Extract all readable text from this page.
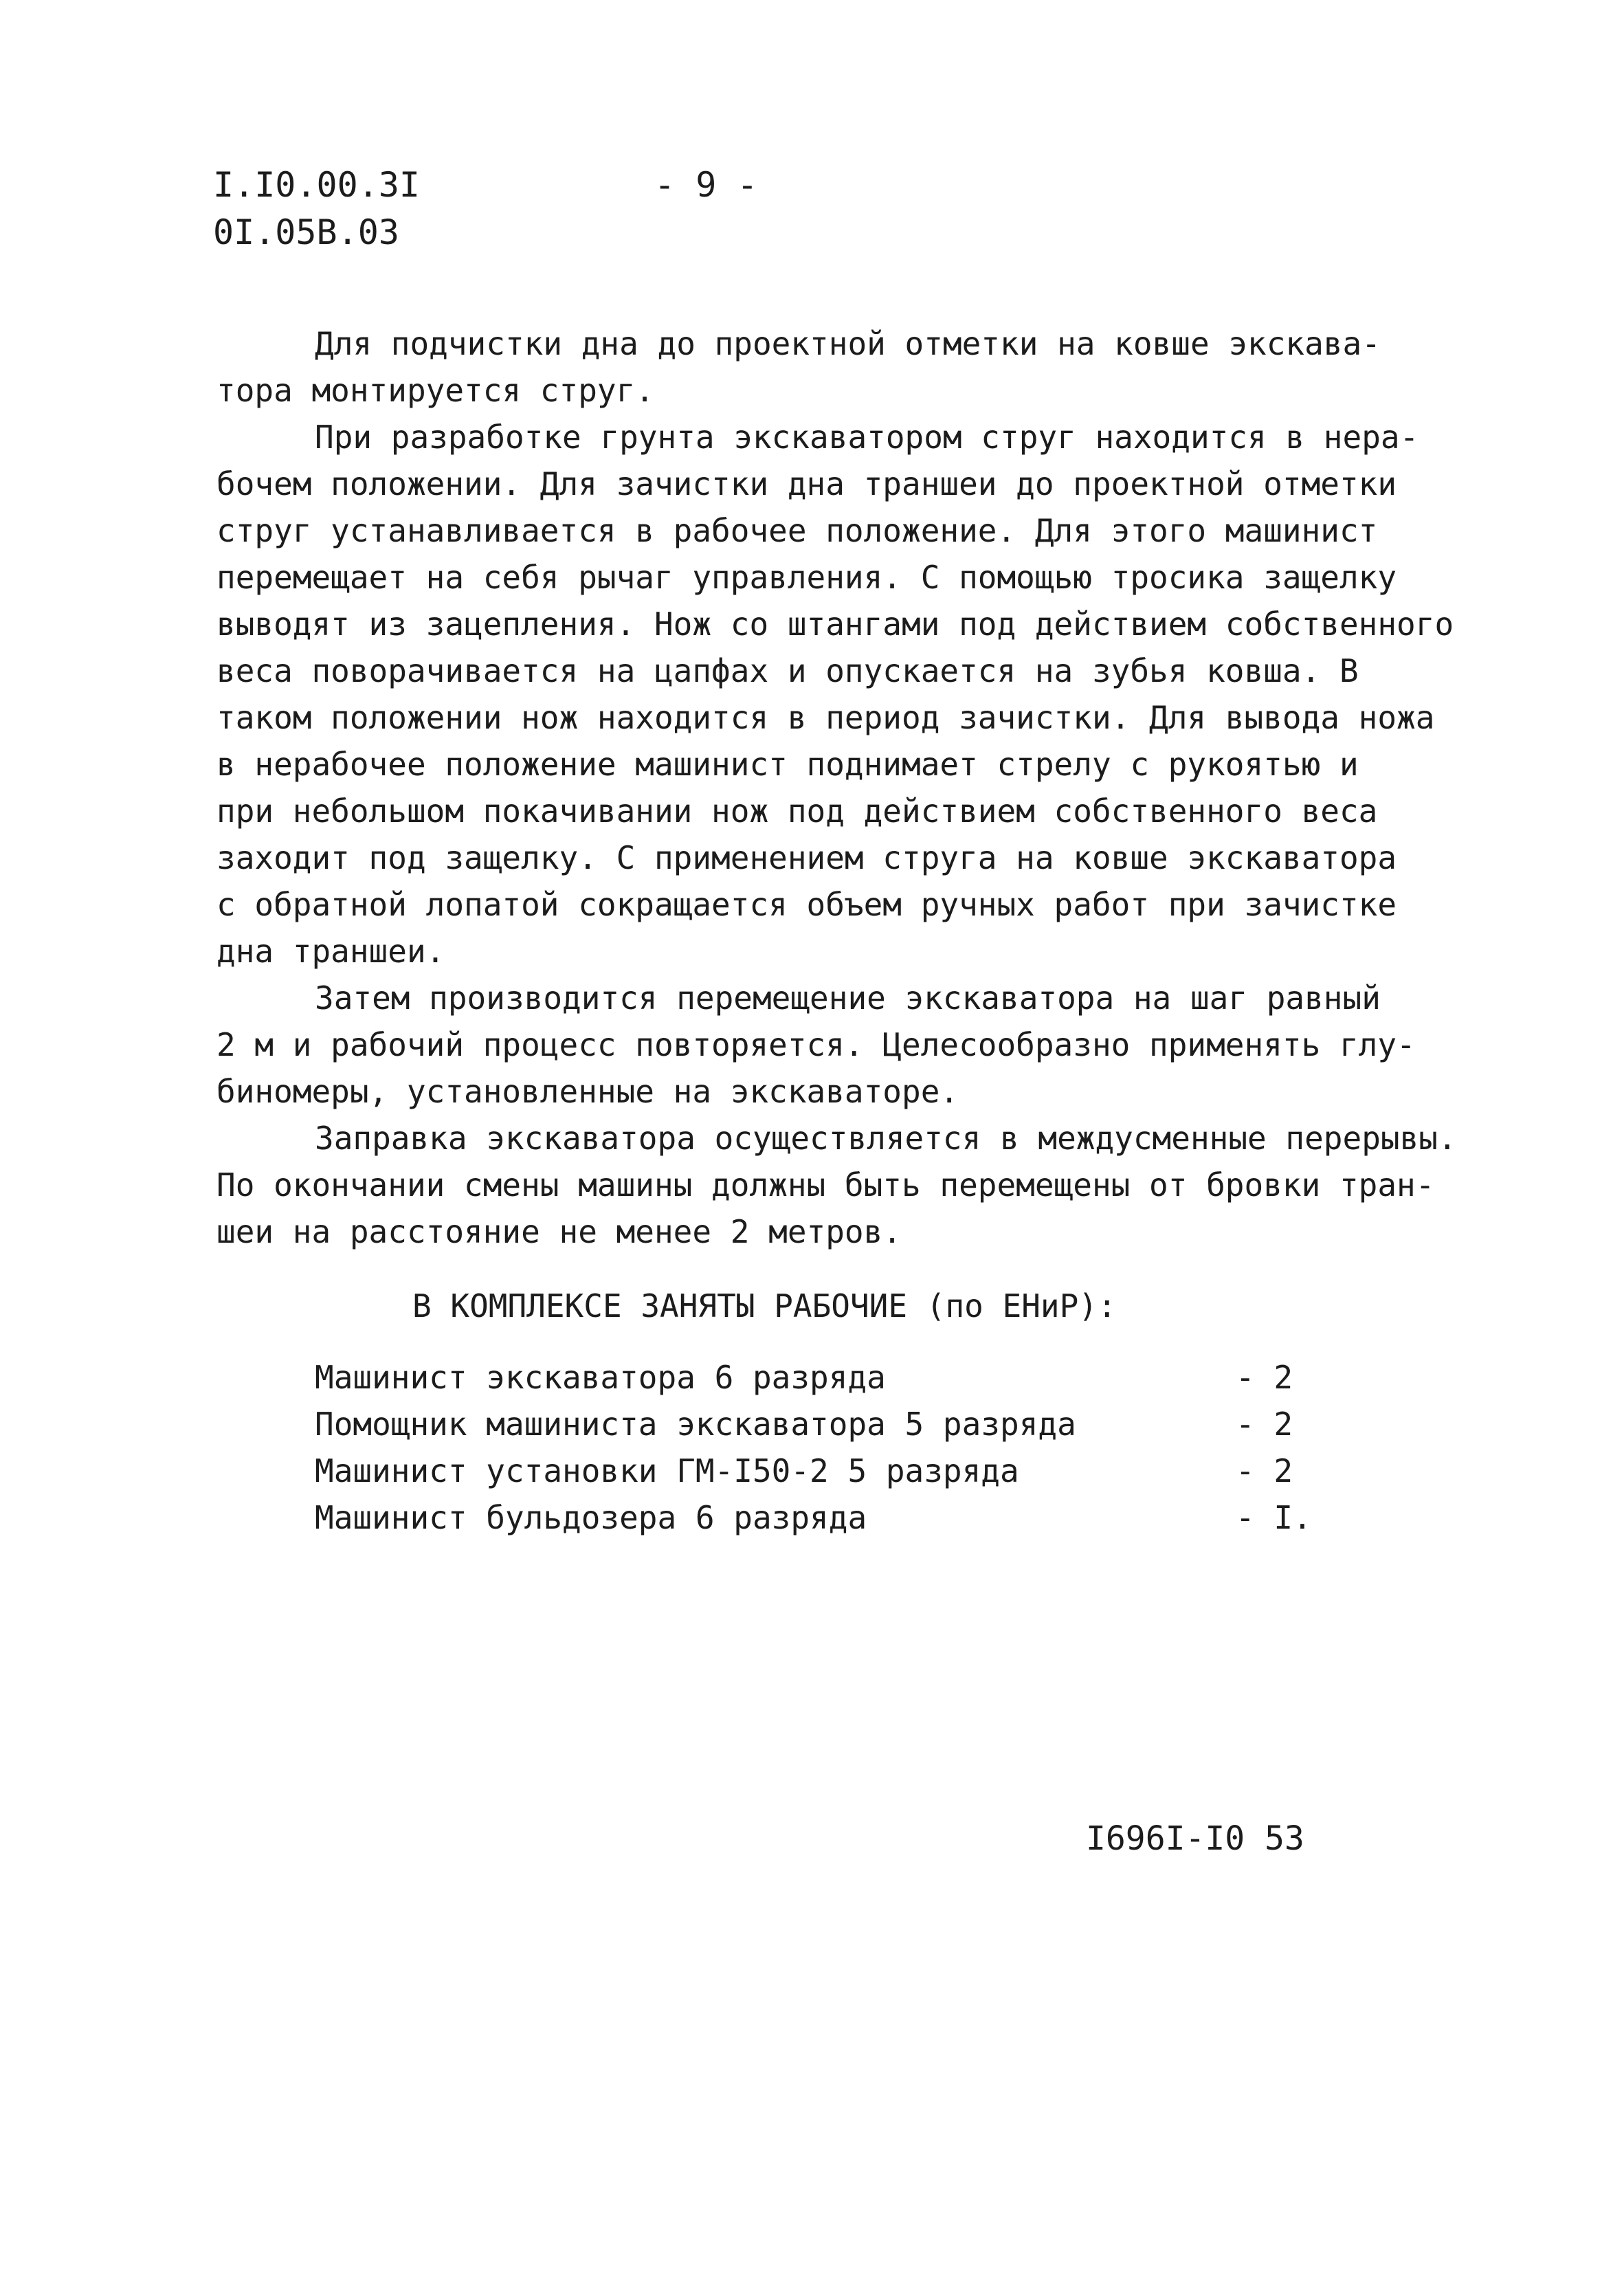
I.I0.00.3I
0I.05В.03
- 9 -
Для подчистки дна до проектной отметки на ковше экскава-
тора монтируется струг.
При разработке грунта экскаватором струг находится в нера-
бочем положении. Для зачистки дна траншеи до проектной отметки
струг устанавливается в рабочее положение. Для этого машинист
перемещает на себя рычаг управления. С помощью тросика защелку
выводят из зацепления. Нож со штангами под действием собственного
веса поворачивается на цапфах и опускается на зубья ковша. В
таком положении нож находится в период зачистки. Для вывода ножа
в нерабочее положение машинист поднимает стрелу с рукоятью и
при небольшом покачивании нож под действием собственного веса
заходит под защелку. С применением струга на ковше экскаватора
с обратной лопатой сокращается объем ручных работ при зачистке
дна траншеи.
Затем производится перемещение экскаватора на шаг равный
2 м и рабочий процесс повторяется. Целесообразно применять глу-
биномеры, установленные на экскаваторе.
Заправка экскаватора осуществляется в междусменные перерывы.
По окончании смены машины должны быть перемещены от бровки тран-
шеи на расстояние не менее 2 метров.
В КОМПЛЕКСЕ ЗАНЯТЫ РАБОЧИЕ (по ЕНиР):
Машинист экскаватора 6 разряда	- 2
Помощник машиниста экскаватора 5 разряда	- 2
Машинист установки ГМ-I50-2 5 разряда	- 2
Машинист бульдозера 6 разряда	- I.
I696I-I0 53
